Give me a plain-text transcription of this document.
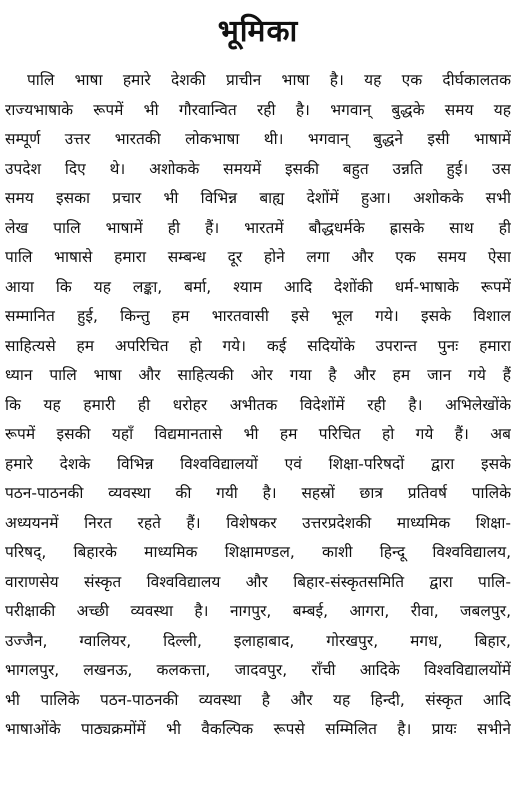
भूमिका
पालि भाषा हमारे देशकी प्राचीन भाषा है। यह एक दीर्घकालतक
राज्यभाषाके रूपमें भी गौरवान्वित रही है। भगवान् बुद्धके समय यह
सम्पूर्ण उत्तर भारतकी लोकभाषा थी। भगवान् बुद्धने इसी भाषामें
उपदेश दिए थे। अशोकके समयमें इसकी बहुत उन्नति हुई। उस
समय इसका प्रचार भी विभिन्न बाह्य देशोंमें हुआ। अशोकके सभी
लेख पालि भाषामें ही हैं। भारतमें बौद्धधर्मके ह्रासके साथ ही
पालि भाषासे हमारा सम्बन्ध दूर होने लगा और एक समय ऐसा
आया कि यह लङ्का, बर्मा, श्याम आदि देशोंकी धर्म-भाषाके रूपमें
सम्मानित हुई, किन्तु हम भारतवासी इसे भूल गये। इसके विशाल
साहित्यसे हम अपरिचित हो गये। कई सदियोंके उपरान्त पुनः हमारा
ध्यान पालि भाषा और साहित्यकी ओर गया है और हम जान गये हैं
कि यह हमारी ही धरोहर अभीतक विदेशोंमें रही है। अभिलेखोंके
रूपमें इसकी यहाँ विद्यमानतासे भी हम परिचित हो गये हैं। अब
हमारे देशके विभिन्न विश्वविद्यालयों एवं शिक्षा-परिषदों द्वारा इसके
पठन-पाठनकी व्यवस्था की गयी है। सहस्रों छात्र प्रतिवर्ष पालिके
अध्ययनमें निरत रहते हैं। विशेषकर उत्तरप्रदेशकी माध्यमिक शिक्षा-
परिषद्, बिहारके माध्यमिक शिक्षामण्डल, काशी हिन्दू विश्वविद्यालय,
वाराणसेय संस्कृत विश्वविद्यालय और बिहार-संस्कृतसमिति द्वारा पालि-
परीक्षाकी अच्छी व्यवस्था है। नागपुर, बम्बई, आगरा, रीवा, जबलपुर,
उज्जैन, ग्वालियर, दिल्ली, इलाहाबाद, गोरखपुर, मगध, बिहार,
भागलपुर, लखनऊ, कलकत्ता, जादवपुर, राँची आदिके विश्वविद्यालयोंमें
भी पालिके पठन-पाठनकी व्यवस्था है और यह हिन्दी, संस्कृत आदि
भाषाओंके पाठ्यक्रमोंमें भी वैकल्पिक रूपसे सम्मिलित है। प्रायः सभीने
